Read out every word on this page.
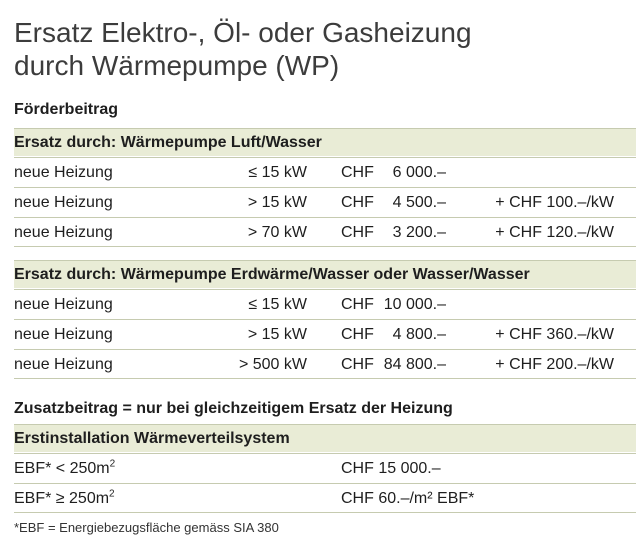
Ersatz Elektro-, Öl- oder Gasheizung
durch Wärmepumpe (WP)
Förderbeitrag
Ersatz durch: Wärmepumpe Luft/Wasser
neue Heizung	≤ 15 kW CHF 6 000.–
neue Heizung	> 15 kW CHF 4 500.–	+ CHF 100.–/kW
neue Heizung	> 70 kW CHF 3 200.–	+ CHF 120.–/kW
Ersatz durch: Wärmepumpe Erdwärme/Wasser oder Wasser/Wasser
neue Heizung	≤ 15 kW CHF 10 000.–
neue Heizung	> 15 kW CHF 4 800.–	+ CHF 360.–/kW
neue Heizung	> 500 kW CHF 84 800.–	+ CHF 200.–/kW
Zusatzbeitrag = nur bei gleichzeitigem Ersatz der Heizung
Erstinstallation Wärmeverteilsystem
$EBF* < 250m^2$	CHF 15 000.–
$EBF* \ge 250m^2$	CHF 60.–/m² EBF*
*EBF = Energiebezugsfläche gemäss SIA 380
